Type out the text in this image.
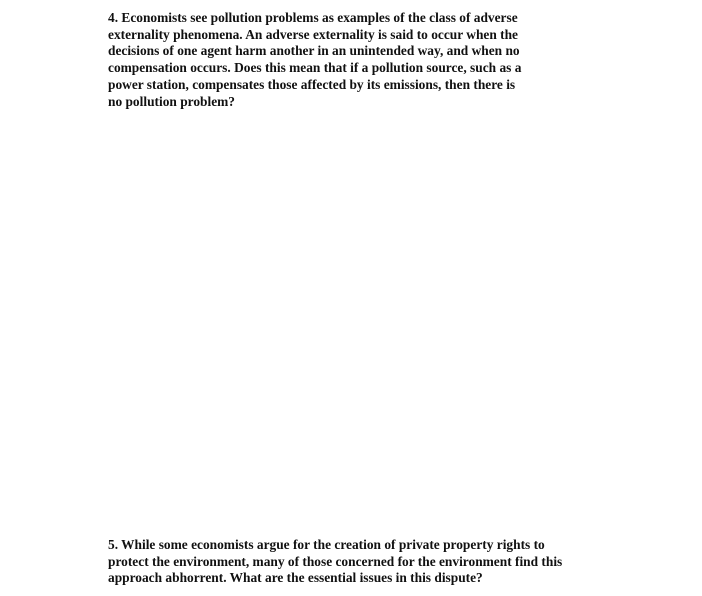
4. Economists see pollution problems as examples of the class of adverse
externality phenomena. An adverse externality is said to occur when the
decisions of one agent harm another in an unintended way, and when no
compensation occurs. Does this mean that if a pollution source, such as a
power station, compensates those affected by its emissions, then there is
no pollution problem?

5. While some economists argue for the creation of private property rights to
protect the environment, many of those concerned for the environment find this
approach abhorrent. What are the essential issues in this dispute?
